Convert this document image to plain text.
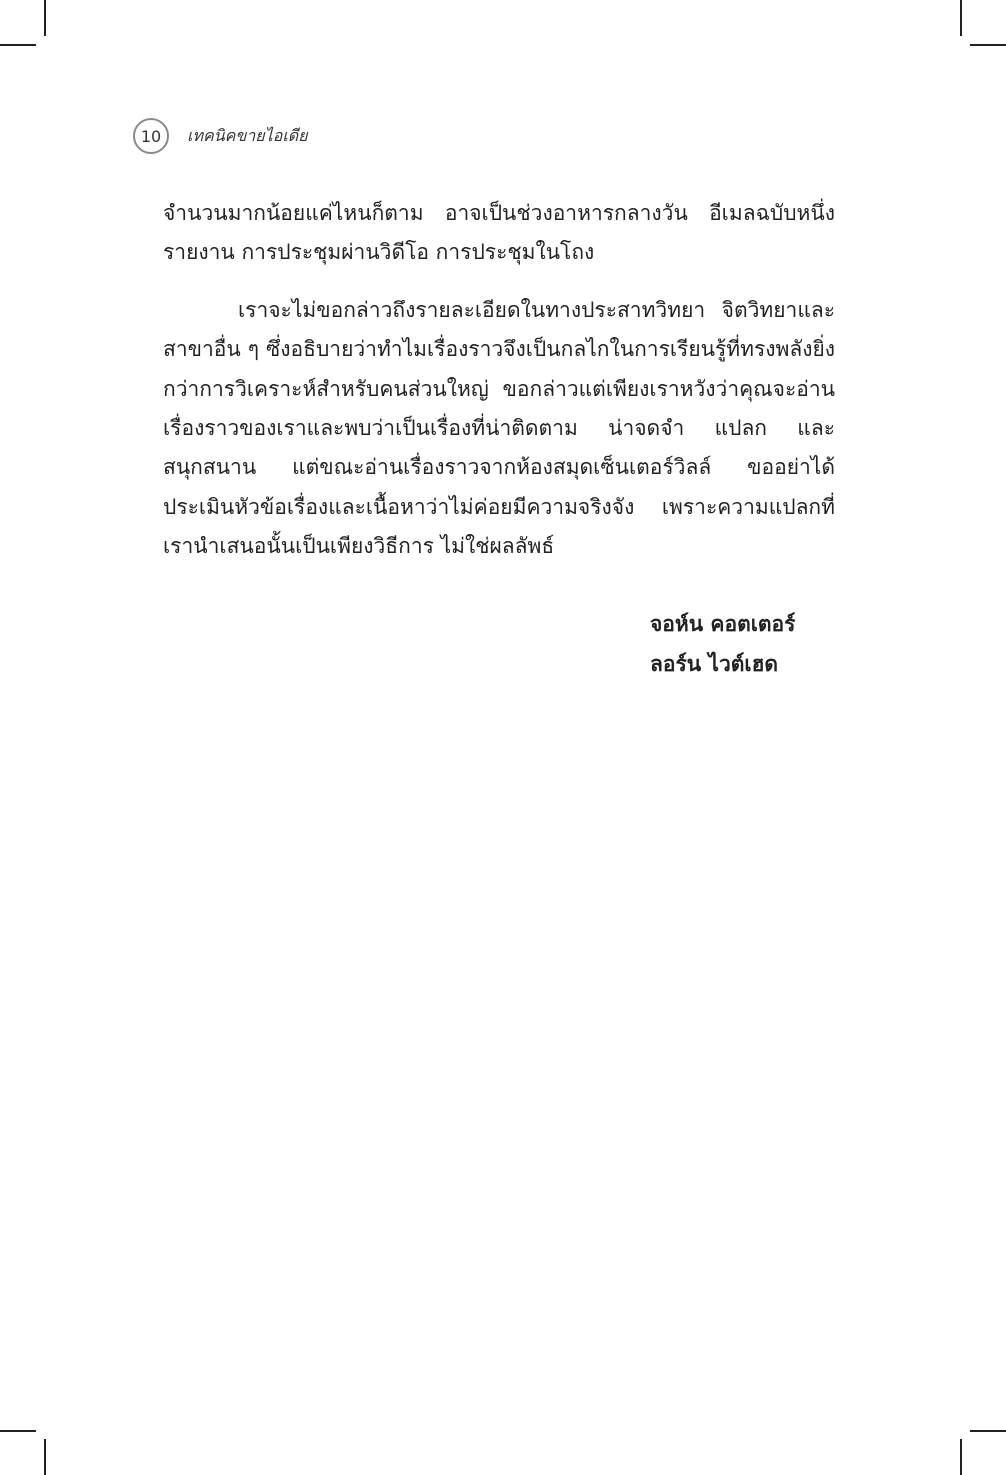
10	เทคนิคขายไอเดีย

จำนวนมากน้อยแค่ไหนก็ตาม อาจเป็นช่วงอาหารกลางวัน อีเมลฉบับหนึ่ง รายงาน การประชุมผ่านวิดีโอ การประชุมในโถง

เราจะไม่ขอกล่าวถึงรายละเอียดในทางประสาทวิทยา จิตวิทยาและสาขาอื่น ๆ ซึ่งอธิบายว่าทำไมเรื่องราวจึงเป็นกลไกในการเรียนรู้ที่ทรงพลังยิ่งกว่าการวิเคราะห์สำหรับคนส่วนใหญ่ ขอกล่าวแต่เพียงเราหวังว่าคุณจะอ่านเรื่องราวของเราและพบว่าเป็นเรื่องที่น่าติดตาม น่าจดจำ แปลก และสนุกสนาน แต่ขณะอ่านเรื่องราวจากห้องสมุดเซ็นเตอร์วิลล์ ขออย่าได้ประเมินหัวข้อเรื่องและเนื้อหาว่าไม่ค่อยมีความจริงจัง เพราะความแปลกที่เรานำเสนอนั้นเป็นเพียงวิธีการ ไม่ใช่ผลลัพธ์

จอห์น คอตเตอร์
ลอร์น ไวต์เฮด
